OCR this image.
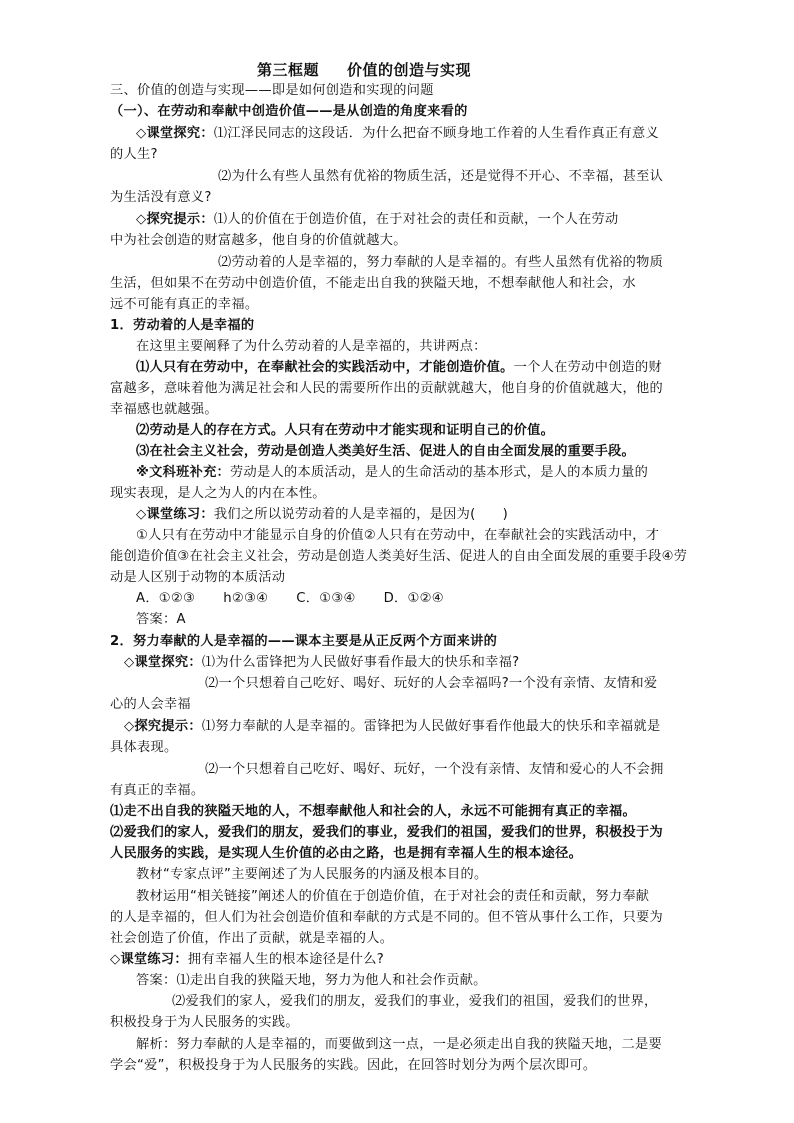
第三框题 价值的创造与实现
三、价值的创造与实现——即是如何创造和实现的问题
（一）、在劳动和奉献中创造价值——是从创造的角度来看的
◇课堂探究：⑴江泽民同志的这段话．为什么把奋不顾身地工作着的人生看作真正有意义
的人生?
⑵为什么有些人虽然有优裕的物质生活，还是觉得不开心、不幸福，甚至认
为生活没有意义?
◇探究提示：⑴人的价值在于创造价值，在于对社会的责任和贡献，一个人在劳动
中为社会创造的财富越多，他自身的价值就越大。
⑵劳动着的人是幸福的，努力奉献的人是幸福的。有些人虽然有优裕的物质
生活，但如果不在劳动中创造价值，不能走出自我的狭隘天地，不想奉献他人和社会，水
远不可能有真正的幸福。
1．劳动着的人是幸福的
在这里主要阐释了为什么劳动着的人是幸福的，共讲两点：
⑴人只有在劳动中，在奉献社会的实践活动中，才能创造价值。一个人在劳动中创造的财
富越多，意味着他为满足社会和人民的需要所作出的贡献就越大，他自身的价值就越大，他的
幸福感也就越强。
⑵劳动是人的存在方式。人只有在劳动中才能实现和证明自己的价值。
⑶在社会主义社会，劳动是创造人类美好生活、促进人的自由全面发展的重要手段。
※文科班补充：劳动是人的本质活动，是人的生命活动的基本形式，是人的本质力量的
现实表现，是人之为人的内在本性。
◇课堂练习：我们之所以说劳动着的人是幸福的，是因为(　　)
①人只有在劳动中才能显示自身的价值②人只有在劳动中，在奉献社会的实践活动中，才
能创造价值③在社会主义社会，劳动是创造人类美好生活、促进人的自由全面发展的重要手段④劳
动是人区别于动物的本质活动
A．①②③ h②③④ C．①③④ D．①②④
答案：A
2．努力奉献的人是幸福的——课本主要是从正反两个方面来讲的
◇课堂探究：⑴为什么雷锋把为人民做好事看作最大的快乐和幸福?
⑵一个只想着自己吃好、喝好、玩好的人会幸福吗?一个没有亲情、友情和爱
心的人会幸福
◇探究提示：⑴努力奉献的人是幸福的。雷锋把为人民做好事看作他最大的快乐和幸福就是
具体表现。
⑵一个只想着自己吃好、喝好、玩好，一个没有亲情、友情和爱心的人不会拥
有真正的幸福。
⑴走不出自我的狭隘天地的人，不想奉献他人和社会的人，永远不可能拥有真正的幸福。
⑵爱我们的家人，爱我们的朋友，爱我们的事业，爱我们的祖国，爱我们的世界，积极投于为
人民服务的实践，是实现人生价值的必由之路，也是拥有幸福人生的根本途径。
教材“专家点评”主要阐述了为人民服务的内涵及根本目的。
教材运用“相关链接”阐述人的价值在于创造价值，在于对社会的责任和贡献，努力奉献
的人是幸福的，但人们为社会创造价值和奉献的方式是不同的。但不管从事什么工作，只要为
社会创造了价值，作出了贡献，就是幸福的人。
◇课堂练习：拥有幸福人生的根本途径是什么?
答案：⑴走出自我的狭隘天地，努力为他人和社会作贡献。
⑵爱我们的家人，爱我们的朋友，爱我们的事业，爱我们的祖国，爱我们的世界，
积极投身于为人民服务的实践。
解析：努力奉献的人是幸福的，而要做到这一点，一是必须走出自我的狭隘天地，二是要
学会“爱”，积极投身于为人民服务的实践。因此，在回答时划分为两个层次即可。
